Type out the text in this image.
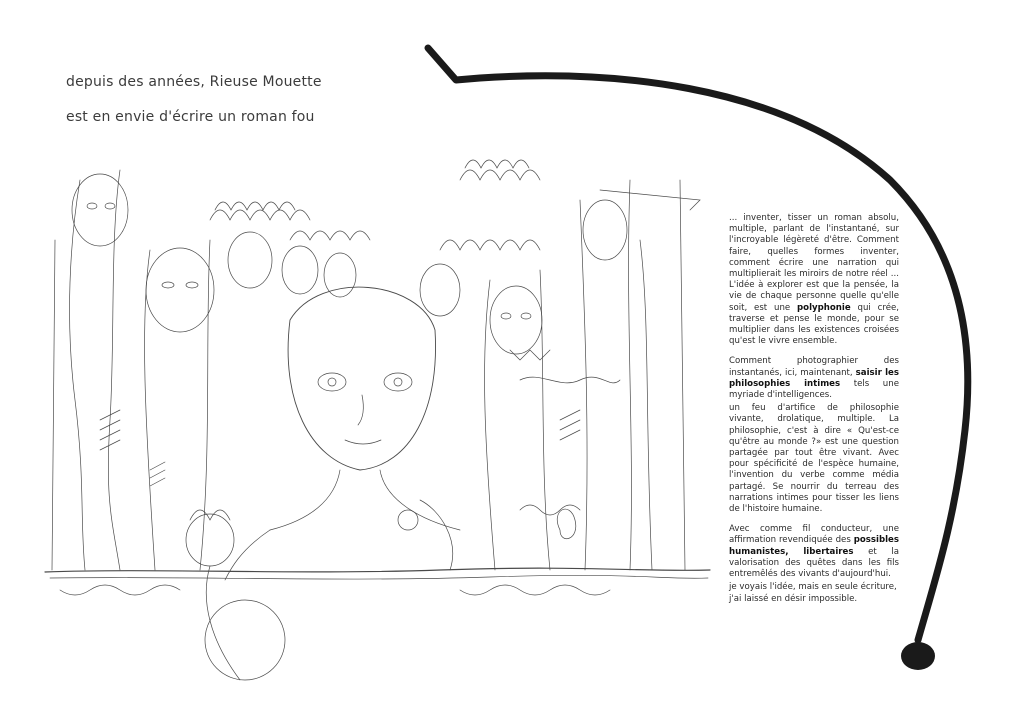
depuis des années, Rieuse Mouette
est en envie d'écrire un roman fou

... inventer, tisser un roman absolu, multiple, parlant de l'instantané, sur l'incroyable légèreté d'être. Comment faire, quelles formes inventer, comment écrire une narration qui multiplierait les miroirs de notre réel ... L'idée à explorer est que la pensée, la vie de chaque personne quelle qu'elle soit, est une polyphonie qui crée, traverse et pense le monde, pour se multiplier dans les existences croisées qu'est le vivre ensemble.

Comment photographier des instantanés, ici, maintenant, saisir les philosophies intimes tels une myriade d'intelligences.

un feu d'artifice de philosophie vivante, drolatique, multiple. La philosophie, c'est à dire « Qu'est-ce qu'être au monde ?» est une question partagée par tout être vivant. Avec pour spécificité de l'espèce humaine, l'invention du verbe comme média partagé. Se nourrir du terreau des narrations intimes pour tisser les liens de l'histoire humaine.

Avec comme fil conducteur, une affirmation revendiquée des possibles humanistes, libertaires et la valorisation des quêtes dans les fils entremêlés des vivants d'aujourd'hui.

je voyais l'idée, mais en seule écriture,
j'ai laissé en désir impossible.
